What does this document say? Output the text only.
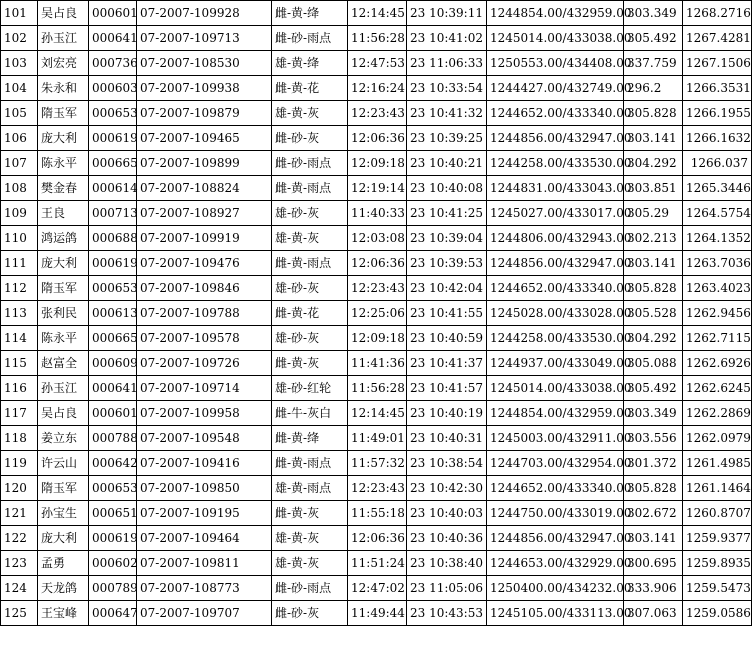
101	吴占良	000601	07-2007-109928	雌-黄-绛	12:14:45	23 10:39:11	1244854.00/432959.00	303.349	1268.2716
102	孙玉江	000641	07-2007-109713	雌-砂-雨点	11:56:28	23 10:41:02	1245014.00/433038.00	305.492	1267.4281
103	刘宏亮	000736	07-2007-108530	雄-黄-绛	12:47:53	23 11:06:33	1250553.00/434408.00	337.759	1267.1506
104	朱永和	000603	07-2007-109938	雌-黄-花	12:16:24	23 10:33:54	1244427.00/432749.00	296.2	1266.3531
105	隋玉军	000653	07-2007-109879	雄-黄-灰	12:23:43	23 10:41:32	1244652.00/433340.00	305.828	1266.1955
106	庞大利	000619	07-2007-109465	雌-砂-灰	12:06:36	23 10:39:25	1244856.00/432947.00	303.141	1266.1632
107	陈永平	000665	07-2007-109899	雌-砂-雨点	12:09:18	23 10:40:21	1244258.00/433530.00	304.292	1266.037
108	樊金春	000614	07-2007-108824	雌-黄-雨点	12:19:14	23 10:40:08	1244831.00/433043.00	303.851	1265.3446
109	王良	000713	07-2007-108927	雄-砂-灰	11:40:33	23 10:41:25	1245027.00/433017.00	305.29	1264.5754
110	鸿运鸽	000688	07-2007-109919	雄-黄-灰	12:03:08	23 10:39:04	1244806.00/432943.00	302.213	1264.1352
111	庞大利	000619	07-2007-109476	雌-黄-雨点	12:06:36	23 10:39:53	1244856.00/432947.00	303.141	1263.7036
112	隋玉军	000653	07-2007-109846	雄-砂-灰	12:23:43	23 10:42:04	1244652.00/433340.00	305.828	1263.4023
113	张利民	000613	07-2007-109788	雌-黄-花	12:25:06	23 10:41:55	1245028.00/433028.00	305.528	1262.9456
114	陈永平	000665	07-2007-109578	雄-砂-灰	12:09:18	23 10:40:59	1244258.00/433530.00	304.292	1262.7115
115	赵富全	000609	07-2007-109726	雌-黄-灰	11:41:36	23 10:41:37	1244937.00/433049.00	305.088	1262.6926
116	孙玉江	000641	07-2007-109714	雄-砂-红轮	11:56:28	23 10:41:57	1245014.00/433038.00	305.492	1262.6245
117	吴占良	000601	07-2007-109958	雌-牛-灰白	12:14:45	23 10:40:19	1244854.00/432959.00	303.349	1262.2869
118	姜立东	000788	07-2007-109548	雌-黄-绛	11:49:01	23 10:40:31	1245003.00/432911.00	303.556	1262.0979
119	许云山	000642	07-2007-109416	雌-黄-雨点	11:57:32	23 10:38:54	1244703.00/432954.00	301.372	1261.4985
120	隋玉军	000653	07-2007-109850	雄-黄-雨点	12:23:43	23 10:42:30	1244652.00/433340.00	305.828	1261.1464
121	孙宝生	000651	07-2007-109195	雌-黄-灰	11:55:18	23 10:40:03	1244750.00/433019.00	302.672	1260.8707
122	庞大利	000619	07-2007-109464	雄-黄-灰	12:06:36	23 10:40:36	1244856.00/432947.00	303.141	1259.9377
123	孟勇	000602	07-2007-109811	雄-黄-灰	11:51:24	23 10:38:40	1244653.00/432929.00	300.695	1259.8935
124	天龙鸽	000789	07-2007-108773	雌-砂-雨点	12:47:02	23 11:05:06	1250400.00/434232.00	333.906	1259.5473
125	王宝峰	000647	07-2007-109707	雌-砂-灰	11:49:44	23 10:43:53	1245105.00/433113.00	307.063	1259.0586
